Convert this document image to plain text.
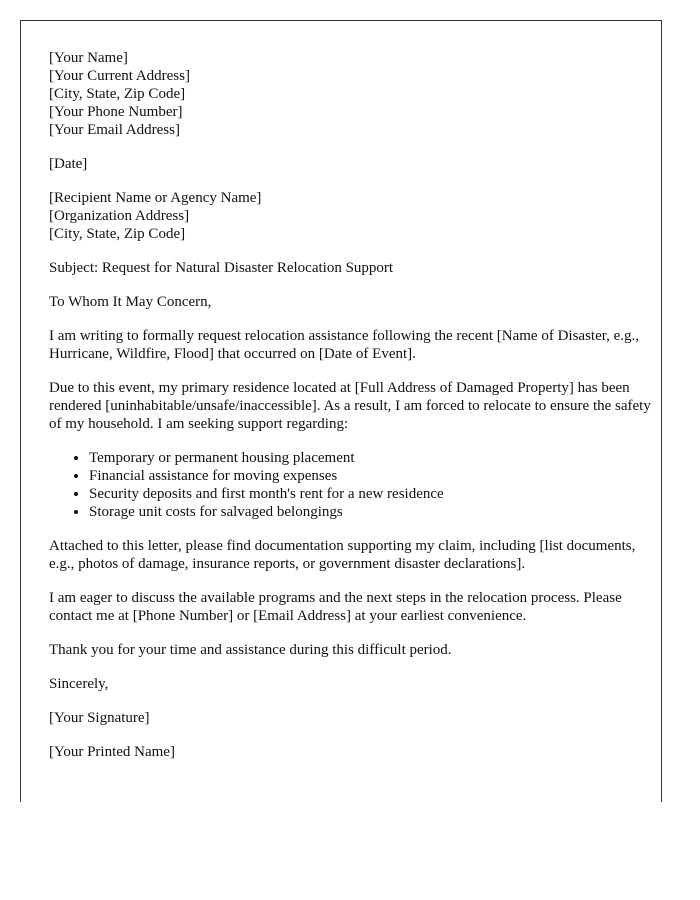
[Your Name]
[Your Current Address]
[City, State, Zip Code]
[Your Phone Number]
[Your Email Address]
[Date]
[Recipient Name or Agency Name]
[Organization Address]
[City, State, Zip Code]
Subject: Request for Natural Disaster Relocation Support
To Whom It May Concern,
I am writing to formally request relocation assistance following the recent [Name of Disaster, e.g., Hurricane, Wildfire, Flood] that occurred on [Date of Event].
Due to this event, my primary residence located at [Full Address of Damaged Property] has been rendered [uninhabitable/unsafe/inaccessible]. As a result, I am forced to relocate to ensure the safety of my household. I am seeking support regarding:
• Temporary or permanent housing placement
• Financial assistance for moving expenses
• Security deposits and first month's rent for a new residence
• Storage unit costs for salvaged belongings
Attached to this letter, please find documentation supporting my claim, including [list documents, e.g., photos of damage, insurance reports, or government disaster declarations].
I am eager to discuss the available programs and the next steps in the relocation process. Please contact me at [Phone Number] or [Email Address] at your earliest convenience.
Thank you for your time and assistance during this difficult period.
Sincerely,
[Your Signature]
[Your Printed Name]
